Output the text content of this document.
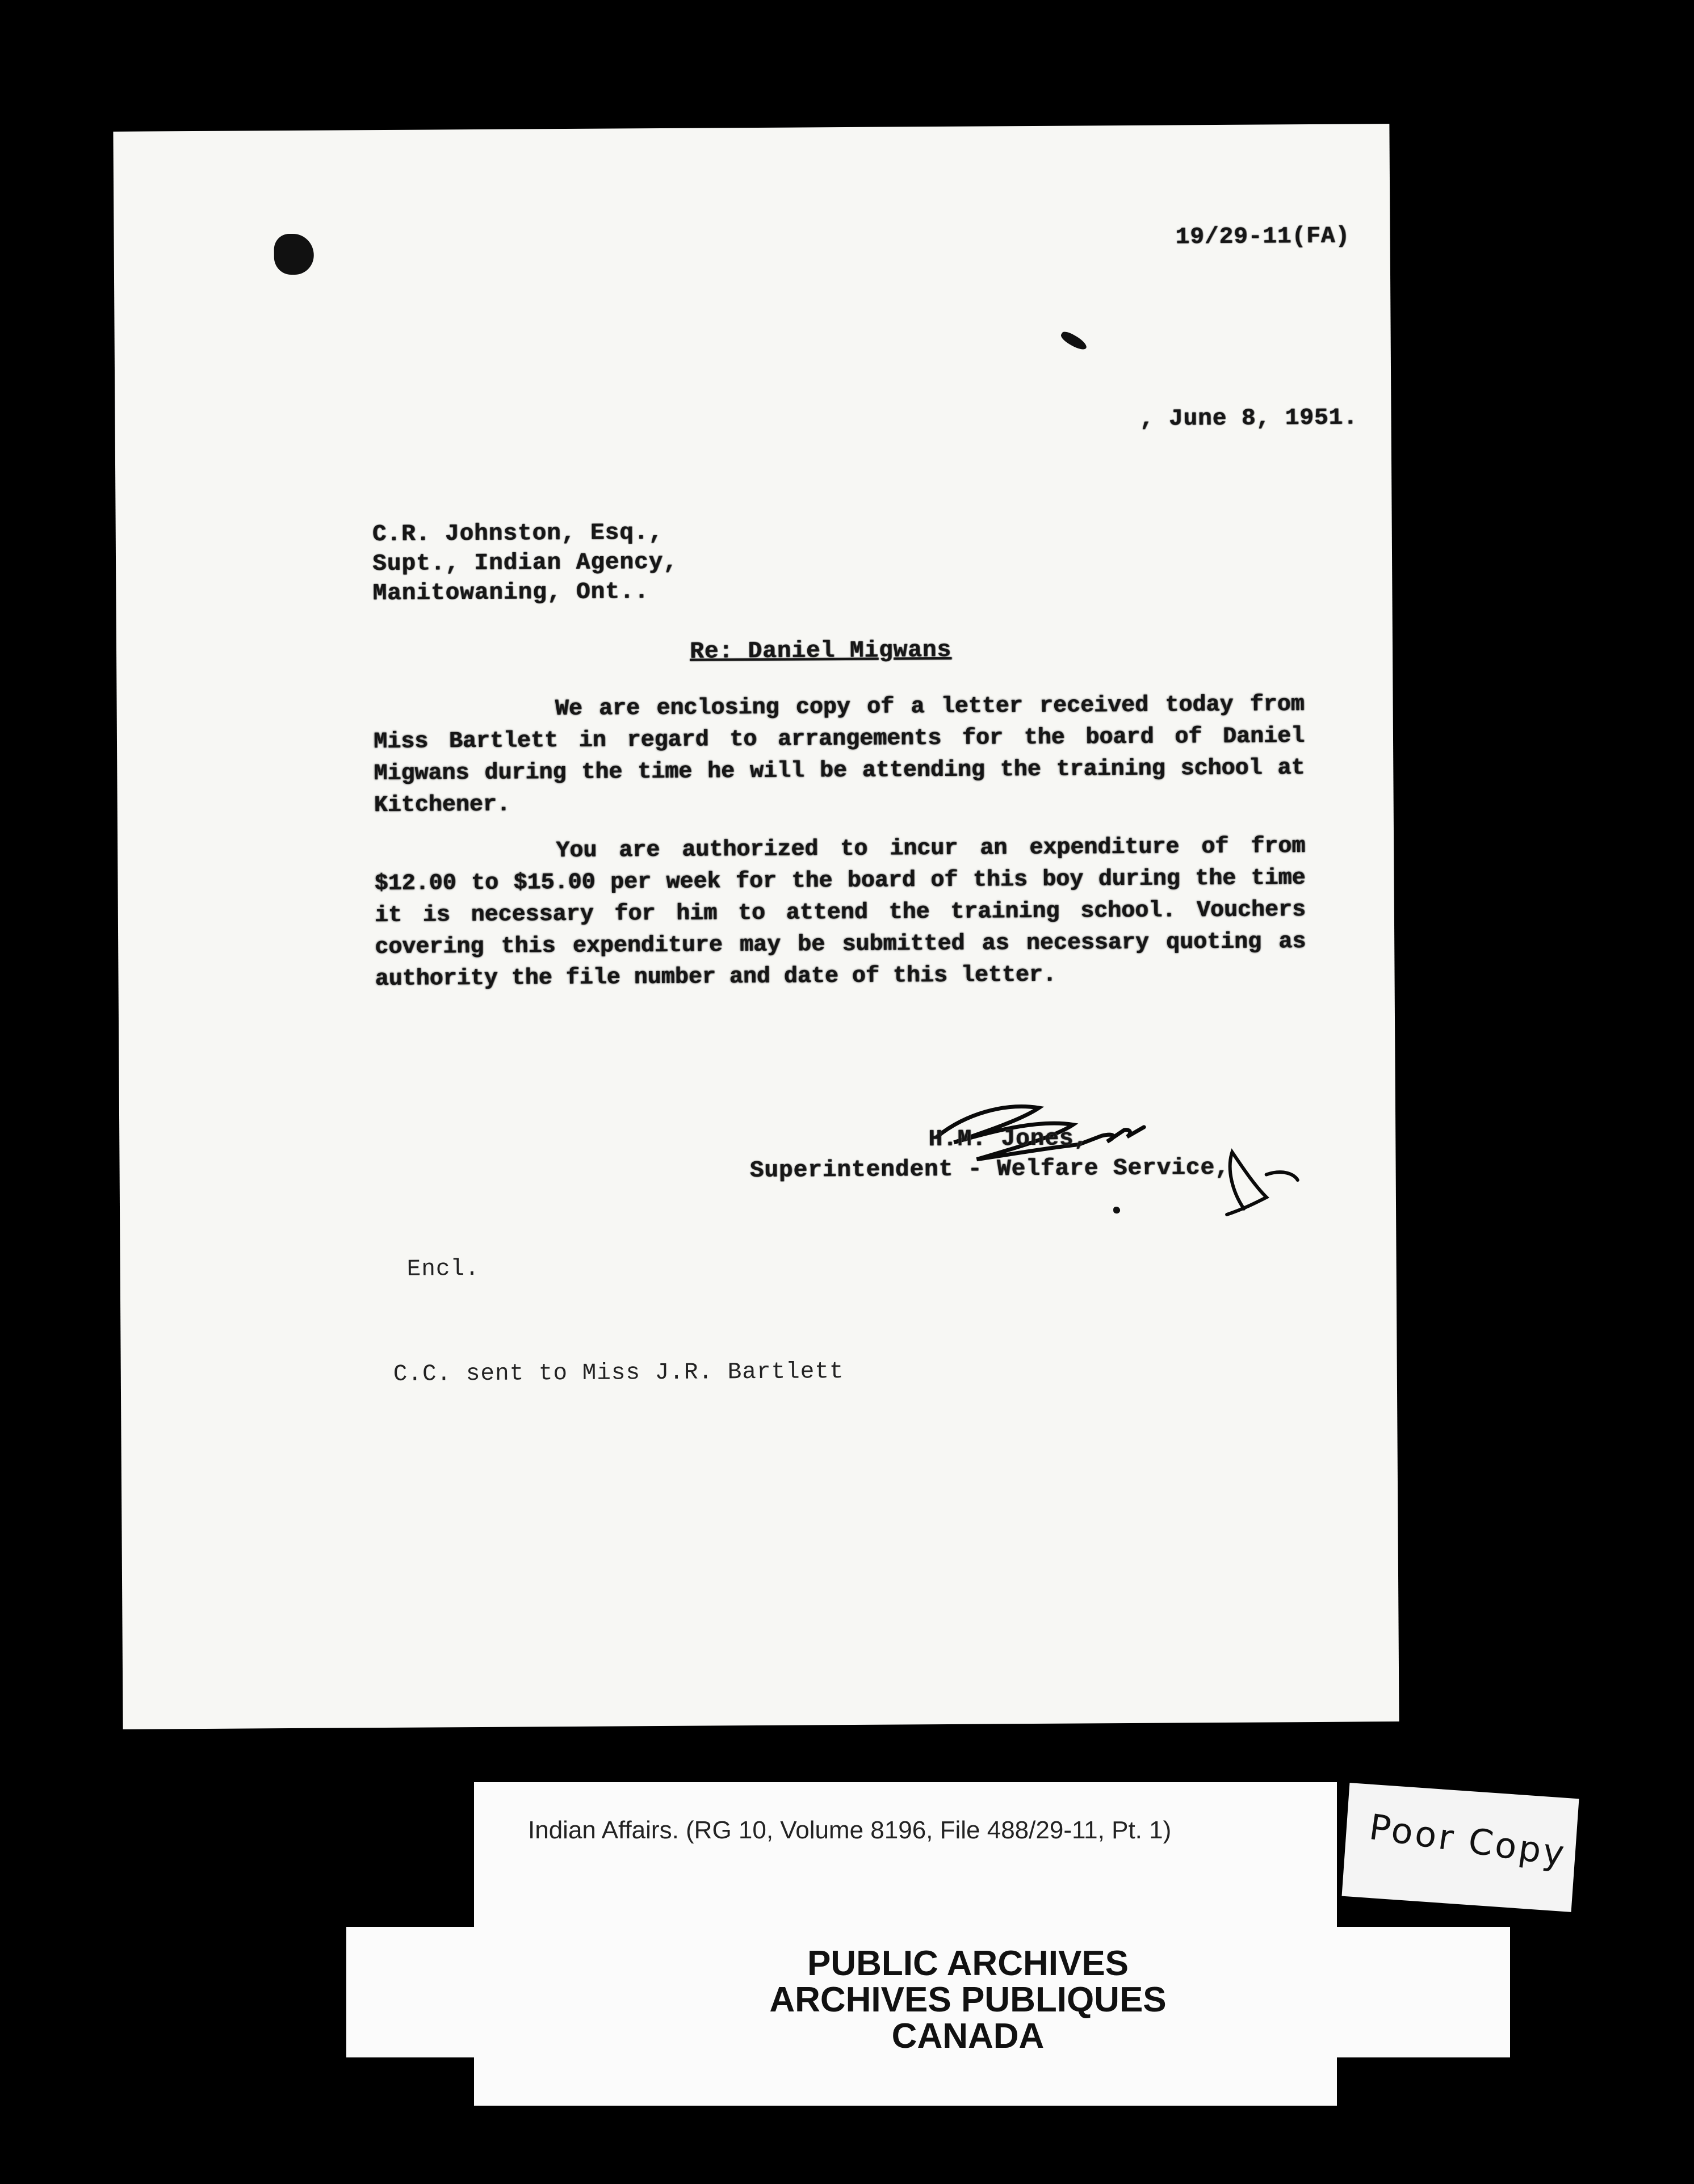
19/29-11(FA)
, June 8, 1951.
C.R. Johnston, Esq.,
Supt., Indian Agency,
Manitowaning, Ont..
Re: Daniel Migwans

We are enclosing copy of a letter received today from Miss Bartlett in regard to arrangements for the board of Daniel Migwans during the time he will be attending the training school at Kitchener.

You are authorized to incur an expenditure of from $12.00 to $15.00 per week for the board of this boy during the time it is necessary for him to attend the training school. Vouchers covering this expenditure may be submitted as necessary quoting as authority the file number and date of this letter.

H.M. Jones,
Superintendent - Welfare Service,
Encl.
C.C. sent to Miss J.R. Bartlett
Indian Affairs. (RG 10, Volume 8196, File 488/29-11, Pt. 1)
PUBLIC ARCHIVES
ARCHIVES PUBLIQUES
CANADA
Poor Copy
